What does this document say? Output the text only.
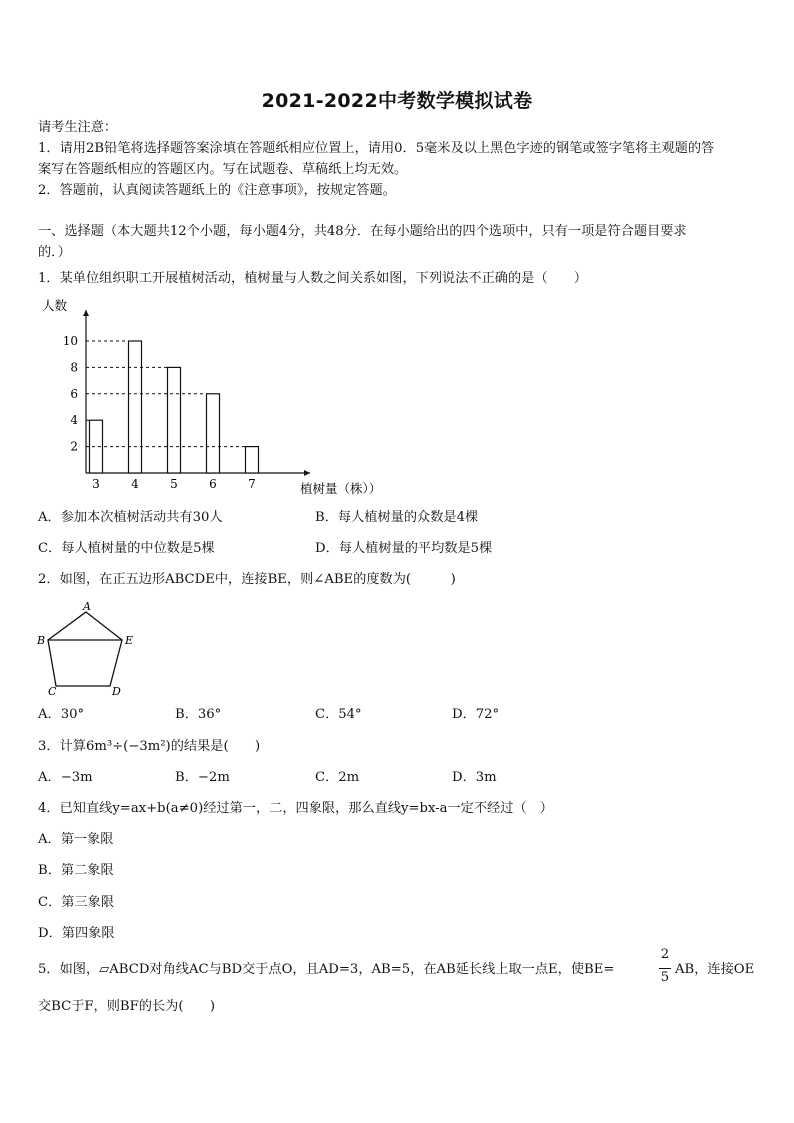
2021-2022中考数学模拟试卷
请考生注意：
1．请用2B铅笔将选择题答案涂填在答题纸相应位置上，请用0．5毫米及以上黑色字迹的钢笔或签字笔将主观题的答
案写在答题纸相应的答题区内。写在试题卷、草稿纸上均无效。
2．答题前，认真阅读答题纸上的《注意事项》，按规定答题。
一、选择题（本大题共12个小题，每小题4分，共48分．在每小题给出的四个选项中，只有一项是符合题目要求
的．）
1．某单位组织职工开展植树活动，植树量与人数之间关系如图，下列说法不正确的是（　　）
人数
植树量（株））
2
4
6
8
10
3	4	5	6	7
A．参加本次植树活动共有30人	B．每人植树量的众数是4棵
C．每人植树量的中位数是5棵	D．每人植树量的平均数是5棵
2．如图，在正五边形ABCDE中，连接BE，则∠ABE的度数为(　　　)
A
B	E
C	D
A．30°	B．36°	C．54°	D．72°
3．计算6m³÷(−3m²)的结果是(　　)
A．−3m	B．−2m	C．2m	D．3m
4．已知直线y=ax+b(a≠0)经过第一，二，四象限，那么直线y=bx-a一定不经过（　）
A．第一象限
B．第二象限
C．第三象限
D．第四象限
5．如图，▱ABCD对角线AC与BD交于点O，且AD=3，AB=5，在AB延长线上取一点E，使BE=
2
5
AB，连接OE
交BC于F，则BF的长为(　　)
